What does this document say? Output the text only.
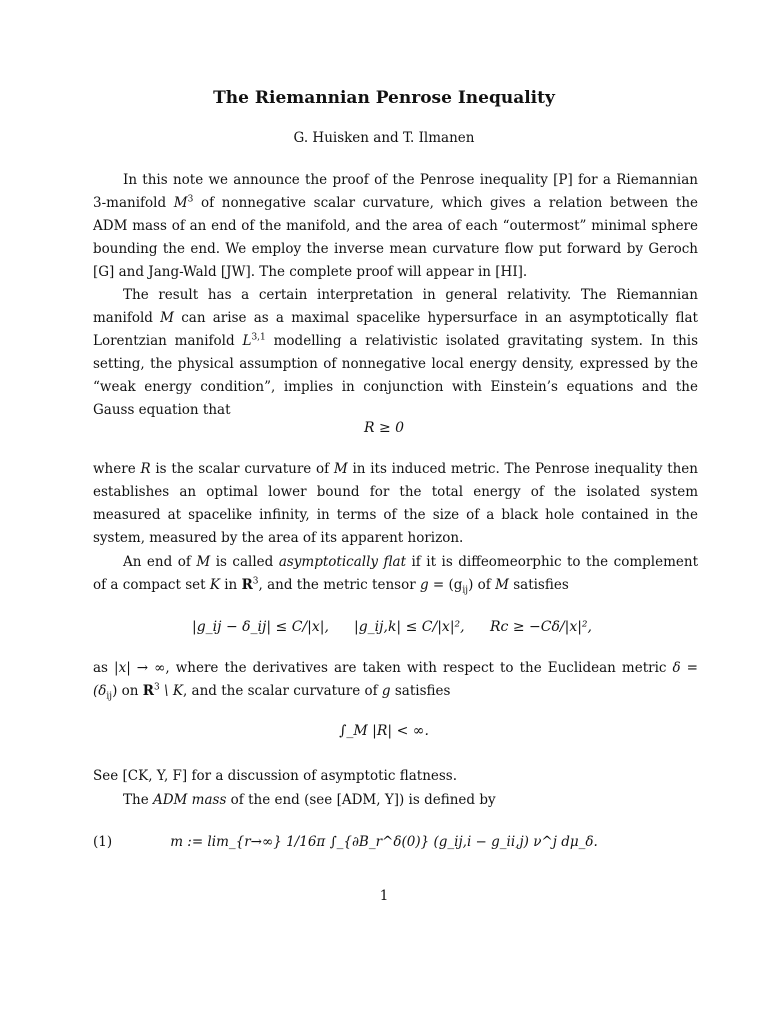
The Riemannian Penrose Inequality
G. Huisken and T. Ilmanen
In this note we announce the proof of the Penrose inequality [P] for a Riemannian 3-manifold $M^3$ of nonnegative scalar curvature, which gives a relation between the ADM mass of an end of the manifold, and the area of each “outermost” minimal sphere bounding the end. We employ the inverse mean curvature flow put forward by Geroch [G] and Jang-Wald [JW]. The complete proof will appear in [HI].
The result has a certain interpretation in general relativity. The Riemannian manifold M can arise as a maximal spacelike hypersurface in an asymptotically flat Lorentzian manifold L$^{3,1}$ modelling a relativistic isolated gravitating system. In this setting, the physical assumption of nonnegative local energy density, expressed by the “weak energy condition”, implies in conjunction with Einstein’s equations and the Gauss equation that
R ≥ 0
where R is the scalar curvature of M in its induced metric. The Penrose inequality then establishes an optimal lower bound for the total energy of the isolated system measured at spacelike infinity, in terms of the size of a black hole contained in the system, measured by the area of its apparent horizon.
An end of M is called asymptotically flat if it is diffeomeorphic to the complement of a compact set K in $R^3$, and the metric tensor $g = (g_{ij})$ of M satisfies
|g_ij − δ_ij| ≤ C/|x|, |g_ij,k| ≤ C/|x|², Rc ≥ −Cδ/|x|²,
as |x| → ∞, where the derivatives are taken with respect to the Euclidean metric $\delta = (\delta_{ij})$ on $R^3$ \ K, and the scalar curvature of g satisfies
∫_M |R| < ∞.
See [CK, Y, F] for a discussion of asymptotic flatness.
The ADM mass of the end (see [ADM, Y]) is defined by
(1)	m := lim_{r→∞} 1/16π ∫_{∂B_r^δ(0)} (g_ij,i − g_ii,j) ν^j dμ_δ.
1
